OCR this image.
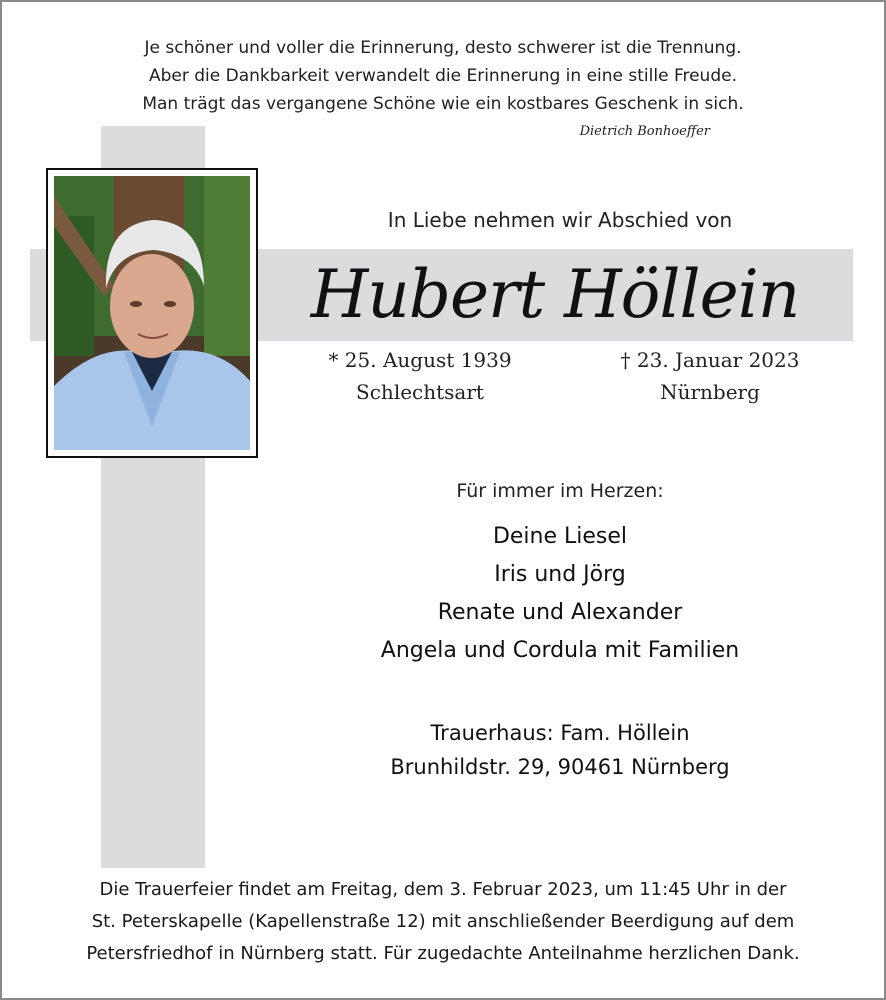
Je schöner und voller die Erinnerung, desto schwerer ist die Trennung.
Aber die Dankbarkeit verwandelt die Erinnerung in eine stille Freude.
Man trägt das vergangene Schöne wie ein kostbares Geschenk in sich.
Dietrich Bonhoeffer
In Liebe nehmen wir Abschied von
Hubert Höllein
* 25. August 1939
Schlechtsart
† 23. Januar 2023
Nürnberg
Für immer im Herzen:
Deine Liesel
Iris und Jörg
Renate und Alexander
Angela und Cordula mit Familien
Trauerhaus: Fam. Höllein
Brunhildstr. 29, 90461 Nürnberg
Die Trauerfeier findet am Freitag, dem 3. Februar 2023, um 11:45 Uhr in der
St. Peterskapelle (Kapellenstraße 12) mit anschließender Beerdigung auf dem
Petersfriedhof in Nürnberg statt. Für zugedachte Anteilnahme herzlichen Dank.
